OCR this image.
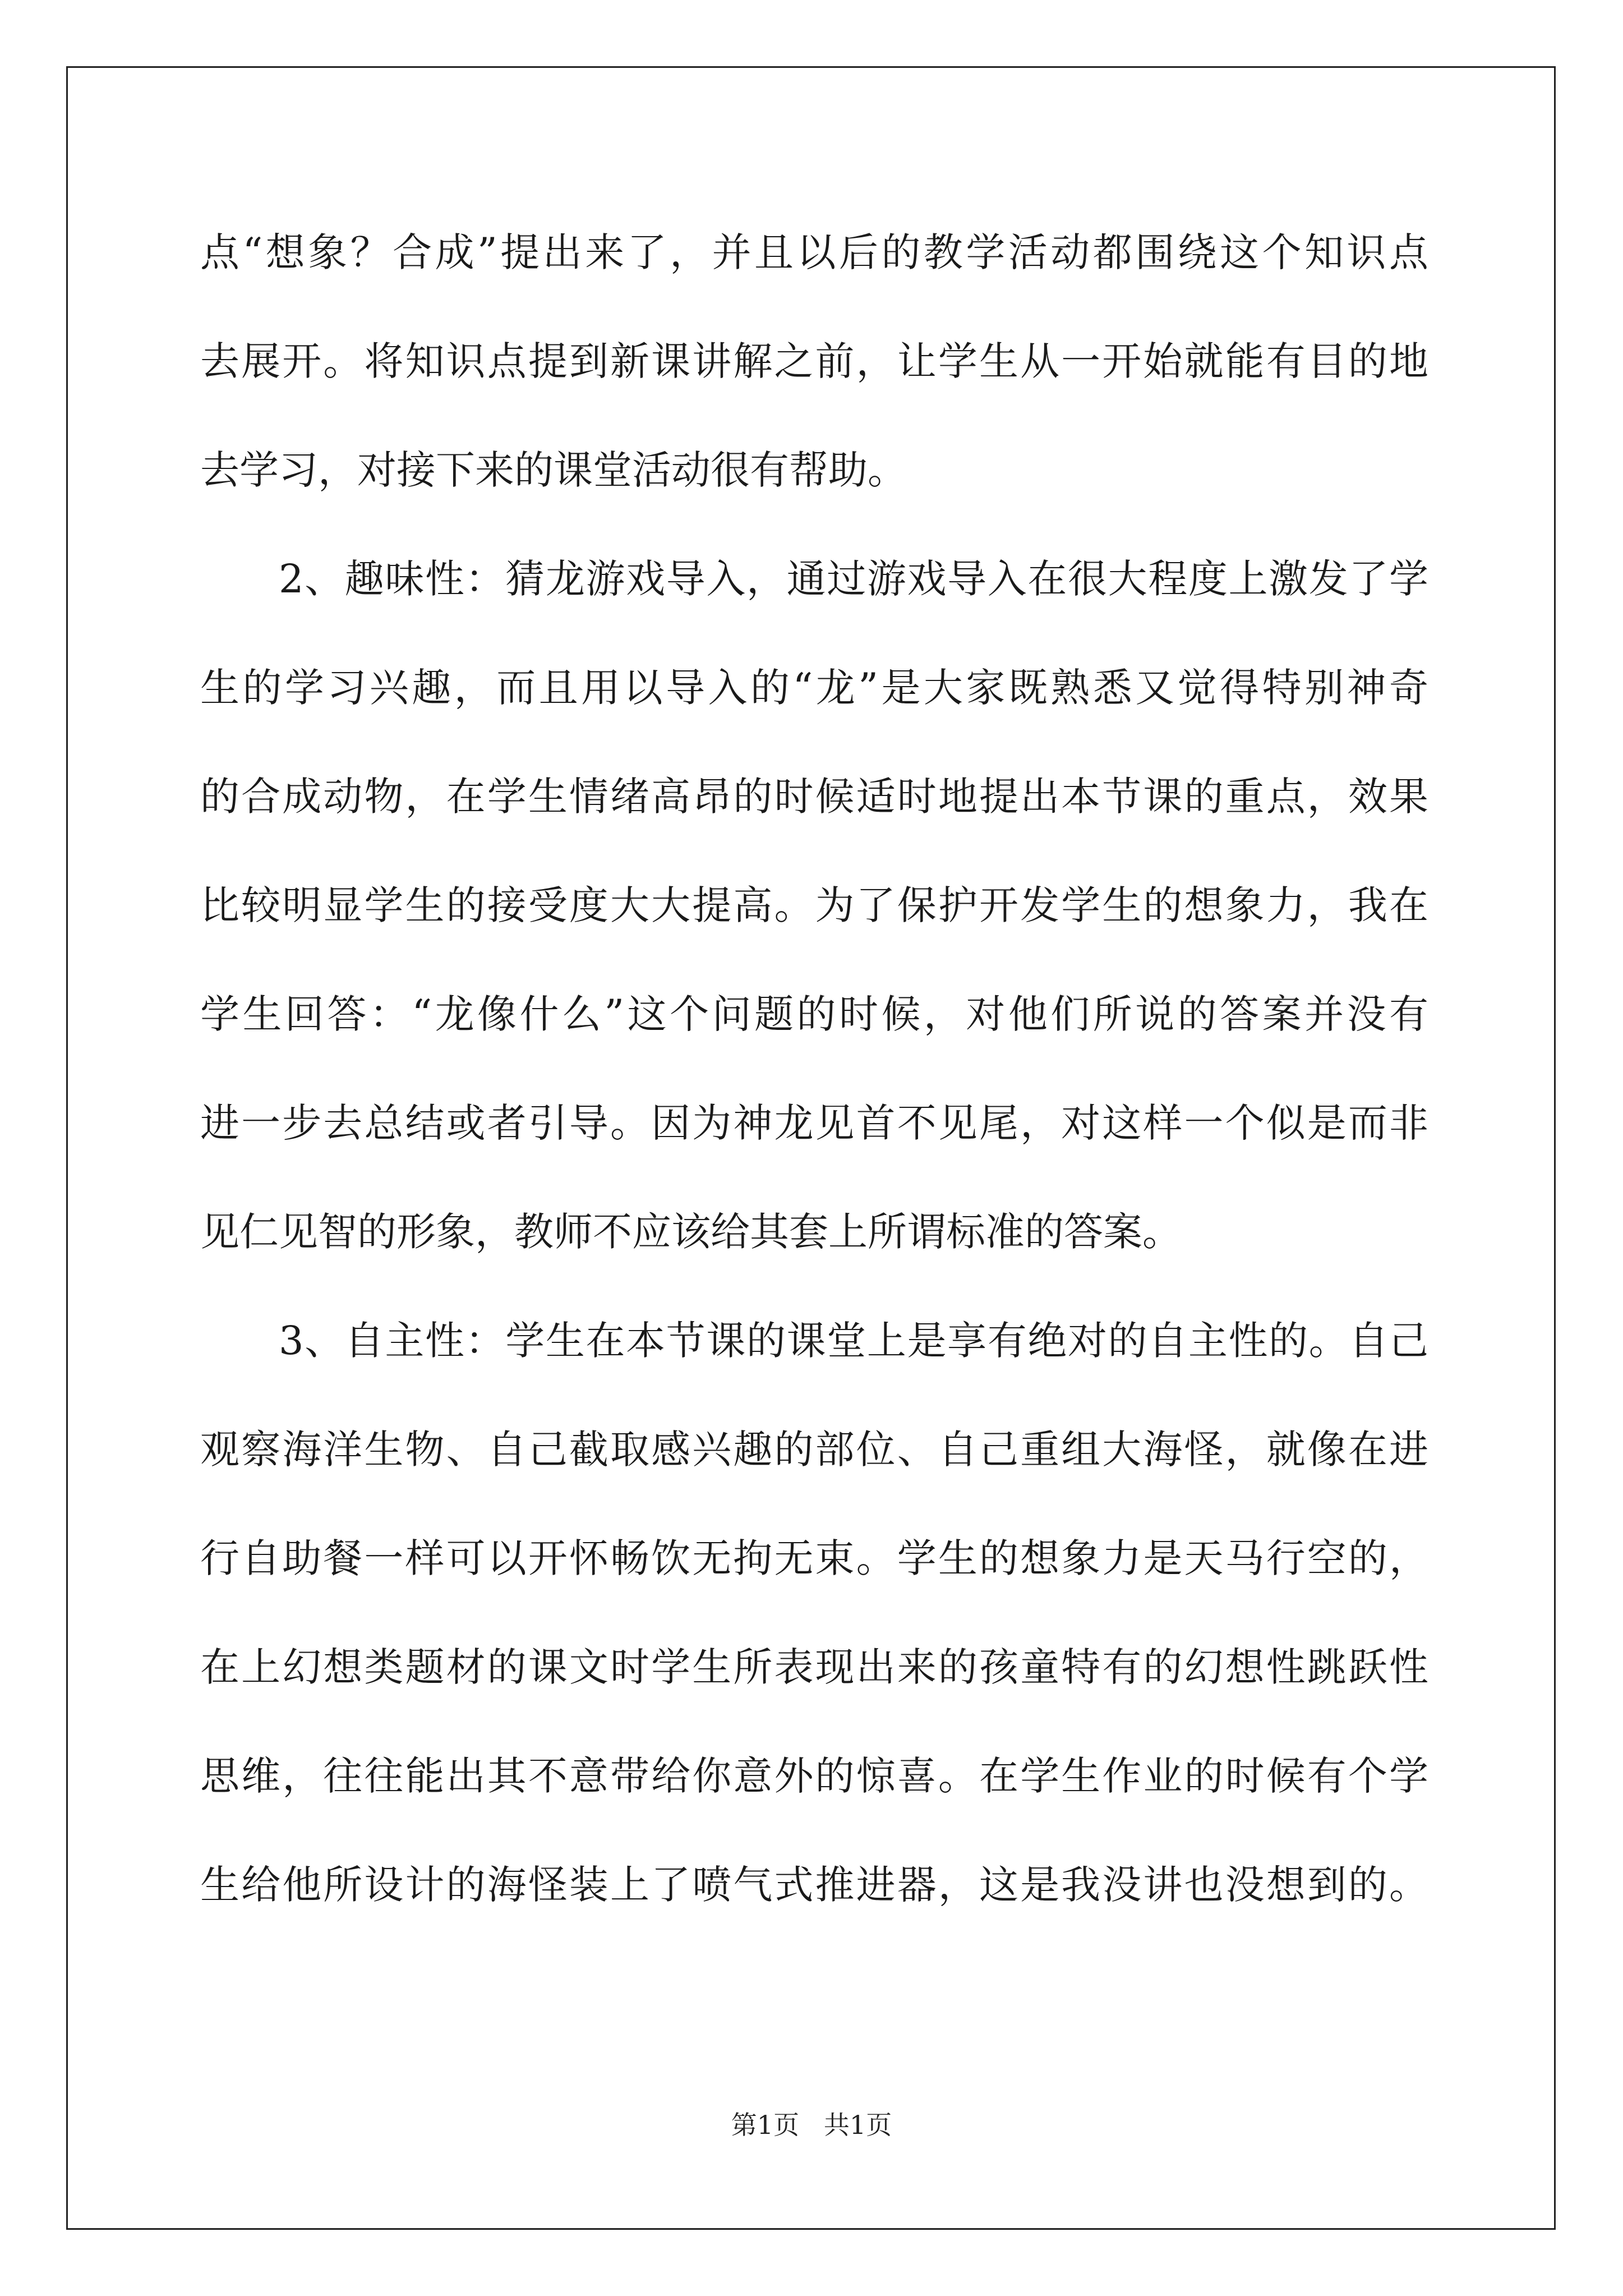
点“想象？合成”提出来了，并且以后的教学活动都围绕这个知识点
去展开。将知识点提到新课讲解之前，让学生从一开始就能有目的地
去学习，对接下来的课堂活动很有帮助。
2、趣味性：猜龙游戏导入，通过游戏导入在很大程度上激发了学
生的学习兴趣，而且用以导入的“龙”是大家既熟悉又觉得特别神奇
的合成动物，在学生情绪高昂的时候适时地提出本节课的重点，效果
比较明显学生的接受度大大提高。为了保护开发学生的想象力，我在
学生回答：“龙像什么”这个问题的时候，对他们所说的答案并没有
进一步去总结或者引导。因为神龙见首不见尾，对这样一个似是而非
见仁见智的形象，教师不应该给其套上所谓标准的答案。
3、自主性：学生在本节课的课堂上是享有绝对的自主性的。自己
观察海洋生物、自己截取感兴趣的部位、自己重组大海怪，就像在进
行自助餐一样可以开怀畅饮无拘无束。学生的想象力是天马行空的，
在上幻想类题材的课文时学生所表现出来的孩童特有的幻想性跳跃性
思维，往往能出其不意带给你意外的惊喜。在学生作业的时候有个学
生给他所设计的海怪装上了喷气式推进器，这是我没讲也没想到的。
第1页   共1页
